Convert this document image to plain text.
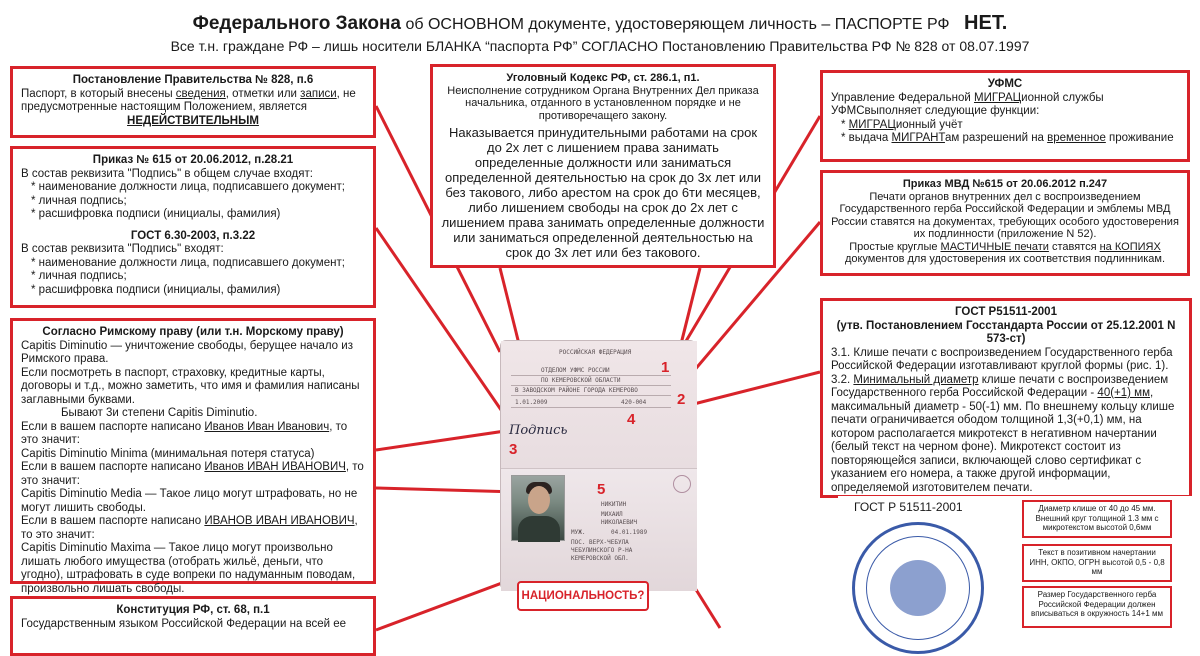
Федерального Закона об ОСНОВНОМ документе, удостоверяющем личность – ПАСПОРТЕ РФ НЕТ.
Все т.н. граждане РФ – лишь носители БЛАНКА “паспорта РФ” СОГЛАСНО Постановлению Правительства РФ № 828 от 08.07.1997
Постановление Правительства № 828, п.6
Паспорт, в который внесены сведения, отметки или записи, не предусмотренные настоящим Положением, является
НЕДЕЙСТВИТЕЛЬНЫМ
Приказ № 615 от 20.06.2012, п.28.21
В состав реквизита "Подпись" в общем случае входят:
* наименование должности лица, подписавшего документ;
* личная подпись;
* расшифровка подписи (инициалы, фамилия)
ГОСТ 6.30-2003, п.3.22
В состав реквизита "Подпись" входят:
* наименование должности лица, подписавшего документ;
* личная подпись;
* расшифровка подписи (инициалы, фамилия)
Согласно Римскому праву (или т.н. Морскому праву)
Capitis Diminutio — уничтожение свободы, берущее начало из Римского права.
Если посмотреть в паспорт, страховку, кредитные карты, договоры и т.д., можно заметить, что имя и фамилия написаны заглавными буквами.
Бывают 3и степени Capitis Diminutio.
Если в вашем паспорте написано Иванов Иван Иванович, то это значит:
Capitis Diminutio Minima (минимальная потеря статуса)
Если в вашем паспорте написано Иванов ИВАН ИВАНОВИЧ, то это значит:
Capitis Diminutio Media — Такое лицо могут штрафовать, но не могут лишить свободы.
Если в вашем паспорте написано ИВАНОВ ИВАН ИВАНОВИЧ, то это значит:
Capitis Diminutio Maxima — Такое лицо могут произвольно лишать любого имущества (отобрать жильё, деньги, что угодно), штрафовать в суде вопреки по надуманным поводам, произвольно лишать свободы.
Конституция РФ, ст. 68, п.1
Государственным языком Российской Федерации на всей ее
Уголовный Кодекс РФ, ст. 286.1, п1.
Неисполнение сотрудником Органа Внутренних Дел приказа начальника, отданного в установленном порядке и не противоречащего закону.
Наказывается принудительными работами на срок до 2х лет с лишением права занимать определенные должности или заниматься определенной деятельностью на срок до 3х лет или без такового, либо арестом на срок до 6ти месяцев, либо лишением свободы на срок до 2х лет с лишением права занимать определенные должности или заниматься определенной деятельностью на срок до 3х лет или без такового.
УФМС
Управление Федеральной МИГРАЦионной службы
УФМСвыполняет следующие функции:
* МИГРАЦионный учёт
* выдача МИГРАНТам разрешений на временное проживание
Приказ МВД №615 от 20.06.2012 п.247
Печати органов внутренних дел с воспроизведением Государственного герба Российской Федерации и эмблемы МВД России ставятся на документах, требующих особого удостоверения их подлинности (приложение N 52).
Простые круглые МАСТИЧНЫЕ печати ставятся на КОПИЯХ документов для удостоверения их соответствия подлинникам.
ГОСТ Р51511-2001
(утв. Постановлением Госстандарта России от 25.12.2001 N 573-ст)
3.1. Клише печати с воспроизведением Государственного герба Российской Федерации изготавливают круглой формы (рис. 1).
3.2. Минимальный диаметр клише печати с воспроизведением Государственного герба Российской Федерации - 40(+1) мм, максимальный диаметр - 50(-1) мм. По внешнему кольцу клише печати ограничивается ободом толщиной 1,3(+0,1) мм, на котором располагается микротекст в негативном начертании (белый текст на черном фоне). Микротекст состоит из повторяющейся записи, включающей слово сертификат с указанием его номера, а также другой информации, определяемой изготовителем печати.
ГОСТ Р 51511-2001	Диаметр клише от 40 до 45 мм. Внешний круг толщиной 1.3 мм с микротекстом высотой 0,6мм
Текст в позитивном начертании ИНН, ОКПО, ОГРН высотой 0,5 - 0,8 мм
Размер Государственного герба Российской Федерации должен вписываться в окружность 14+1 мм
РОССИЙСКАЯ ФЕДЕРАЦИЯ
ОТДЕЛОМ УФМС РОССИИ
ПО КЕМЕРОВСКОЙ ОБЛАСТИ
В ЗАВОДСКОМ РАЙОНЕ ГОРОДА КЕМЕРОВО
1.01.2009	420-004
Подпись
1
2
3
4
5
НИКИТИН
МИХАИЛ
НИКОЛАЕВИЧ
МУЖ.	04.01.1989
ПОС. ВЕРХ-ЧЕБУЛА
ЧЕБУЛИНСКОГО Р-НА
КЕМЕРОВСКОЙ ОБЛ.
НАЦИОНАЛЬНОСТЬ?
